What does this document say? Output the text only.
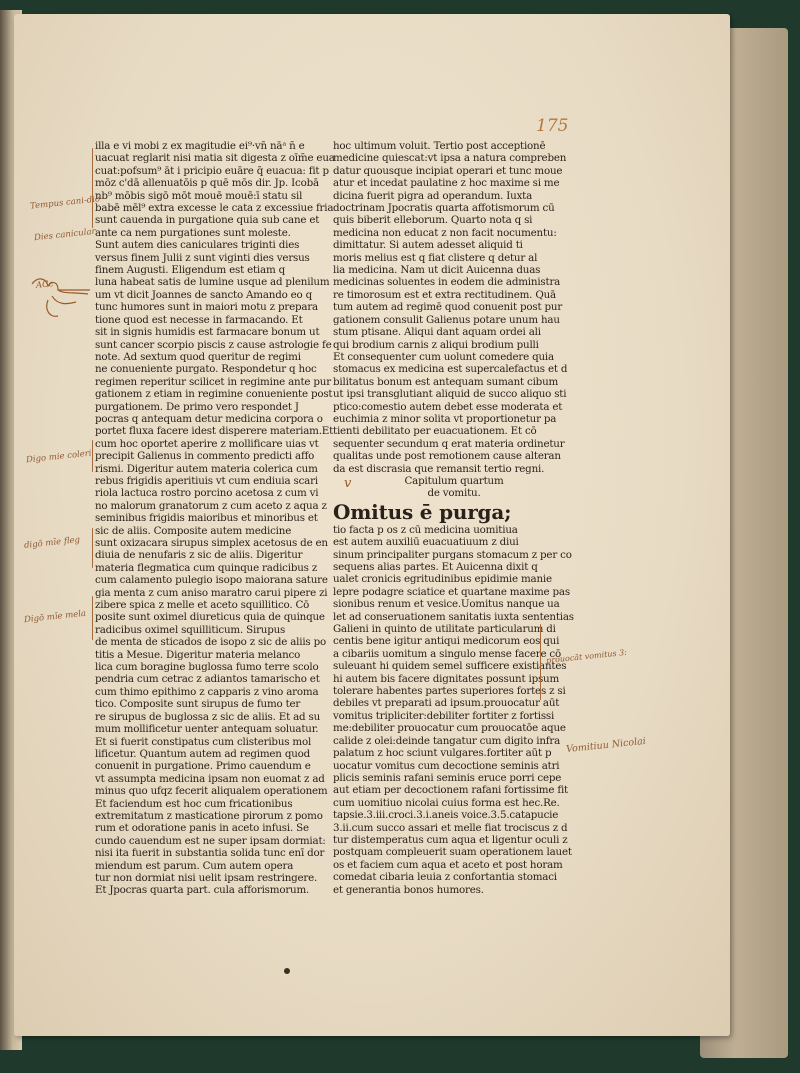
175
illa e vi mobi z ex magitudie ei⁹·vn̄ nāᵃ n̄ e
uacuat reglarit nisi matia sit digesta z oīm̄e eua
cuat:pofsum⁹ āt i pricipio euāre q̄ euacua: fit p
mōz c'dā allenuatōis p quē mōs dir. Jp. Icobā
nb⁹ mōbis sigō mōt mouē mouē:ī statu sil
babē mēl⁹ extra excesse le cata z excessiue fria
sunt cauenda in purgatione quia sub cane et
ante ca nem purgationes sunt moleste.
Sunt autem dies caniculares triginti dies
versus finem Julii z sunt viginti dies versus
finem Augusti. Eligendum est etiam q
luna habeat satis de lumine usque ad plenilum
um vt dicit Joannes de sancto Amando eo q
tunc humores sunt in maiori motu z prepara
tione quod est necesse in farmacando. Et
sit in signis humidis est farmacare bonum ut
sunt cancer scorpio piscis z cause astrologie fe
note. Ad sextum quod queritur de regimi
ne conueniente purgato. Respondetur q hoc
regimen reperitur scilicet in regimine ante pur
gationem z etiam in regimine conueniente post
purgationem. De primo vero respondet J
pocras q antequam detur medicina corpora o
portet fluxa facere idest disperere materiam.Et
cum hoc oportet aperire z mollificare uias vt
precipit Galienus in commento predicti affo
rismi. Digeritur autem materia colerica cum
rebus frigidis aperitiuis vt cum endiuia scari
riola lactuca rostro porcino acetosa z cum vi
no malorum granatorum z cum aceto z aqua z
seminibus frigidis maioribus et minoribus et
sic de aliis. Composite autem medicine
sunt oxizacara sirupus simplex acetosus de en
diuia de nenufaris z sic de aliis. Digeritur
materia flegmatica cum quinque radicibus z
cum calamento pulegio isopo maiorana sature
gia menta z cum aniso maratro carui pipere zi
zibere spica z melle et aceto squillitico. Cō
posite sunt oximel diureticus quia de quinque
radicibus oximel squilliticum. Sirupus
de menta de sticados de isopo z sic de aliis po
titis a Mesue. Digeritur materia melanco
lica cum boragine buglossa fumo terre scolo
pendria cum cetrac z adiantos tamarischo et
cum thimo epithimo z capparis z vino aroma
tico. Composite sunt sirupus de fumo ter
re sirupus de buglossa z sic de aliis. Et ad su
mum mollificetur uenter antequam soluatur.
Et si fuerit constipatus cum clisteribus mol
lificetur. Quantum autem ad regimen quod
conuenit in purgatione. Primo cauendum e
vt assumpta medicina ipsam non euomat z ad
minus quo ufqz fecerit aliqualem operationem
Et faciendum est hoc cum fricationibus
extremitatum z masticatione pirorum z pomo
rum et odoratione panis in aceto infusi. Se
cundo cauendum est ne super ipsam dormiat:
nisi ita fuerit in substantia solida tunc enī dor
miendum est parum. Cum autem opera
tur non dormiat nisi uelit ipsam restringere.
Et Jpocras quarta part. cula afforismorum.
hoc ultimum voluit. Tertio post acceptionē
medicine quiescat:vt ipsa a natura compreben
datur quousque incipiat operari et tunc moue
atur et incedat paulatine z hoc maxime si me
dicina fuerit pigra ad operandum. Iuxta
doctrinam Jpocratis quarta affotismorum cū
quis biberit elleborum. Quarto nota q si
medicina non educat z non facit nocumentu:
dimittatur. Si autem adesset aliquid ti
moris melius est q fiat clistere q detur al
lia medicina. Nam ut dicit Auicenna duas
medicinas soluentes in eodem die administra
re timorosum est et extra rectitudinem. Quā
tum autem ad regimē quod conuenit post pur
gationem consulit Galienus potare unum hau
stum ptisane. Aliqui dant aquam ordei ali
qui brodium carnis z aliqui brodium pulli
Et consequenter cum uolunt comedere quia
stomacus ex medicina est supercalefactus et d
bilitatus bonum est antequam sumant cibum
ut ipsi transglutiant aliquid de succo aliquo sti
ptico:comestio autem debet esse moderata et
euchimia z minor solita vt proportionetur pa
tienti debilitato per euacuationem. Et cō
sequenter secundum q erat materia ordinetur
qualitas unde post remotionem cause alteran
da est discrasia que remansit tertio regni.
Capitulum quartum
de vomitu.
Omitus ē purga;
tio facta p os z cū medicina uomitiua
est autem auxiliū euacuatiuum z diui
sinum principaliter purgans stomacum z per co
sequens alias partes. Et Auicenna dixit q
ualet cronicis egritudinibus epidimie manie
lepre podagre sciatice et quartane maxime pas
sionibus renum et vesice.Uomitus nanque ua
let ad conseruationem sanitatis iuxta sententias
Galieni in quinto de utilitate particularum di
centis bene igitur antiqui medicorum eos qui
a cibariis uomitum a singulo mense facere cō
suleuant hi quidem semel sufficere existiantes
hi autem bis facere dignitates possunt ipsum
tolerare habentes partes superiores fortes z si
debiles vt preparati ad ipsum.prouocatur aūt
vomitus tripliciter:debiliter fortiter z fortissi
me:debiliter prouocatur cum prouocatōe aque
calide z olei:deinde tangatur cum digito infra
palatum z hoc sciunt vulgares.fortiter aūt p
uocatur vomitus cum decoctione seminis atri
plicis seminis rafani seminis eruce porri cepe
aut etiam per decoctionem rafani fortissime fit
cum uomitiuo nicolai cuius forma est hec.Re.
tapsie.3.iii.croci.3.i.aneis voice.3.5.catapucie
3.ii.cum succo assari et melle fiat trociscus z d
tur distemperatus cum aqua et ligentur oculi z
postquam compleuerit suam operationem lauet
os et faciem cum aqua et aceto et post horam
comedat cibaria leuia z confortantia stomaci
et generantia bonos humores.
Tempus cani-dio
Dies canicular
ACc
Digo mie coleri
digō mīe fleg
Digō mīe mela
prouocāt vomitus 3:
Vomitiuu Nicolai
v
